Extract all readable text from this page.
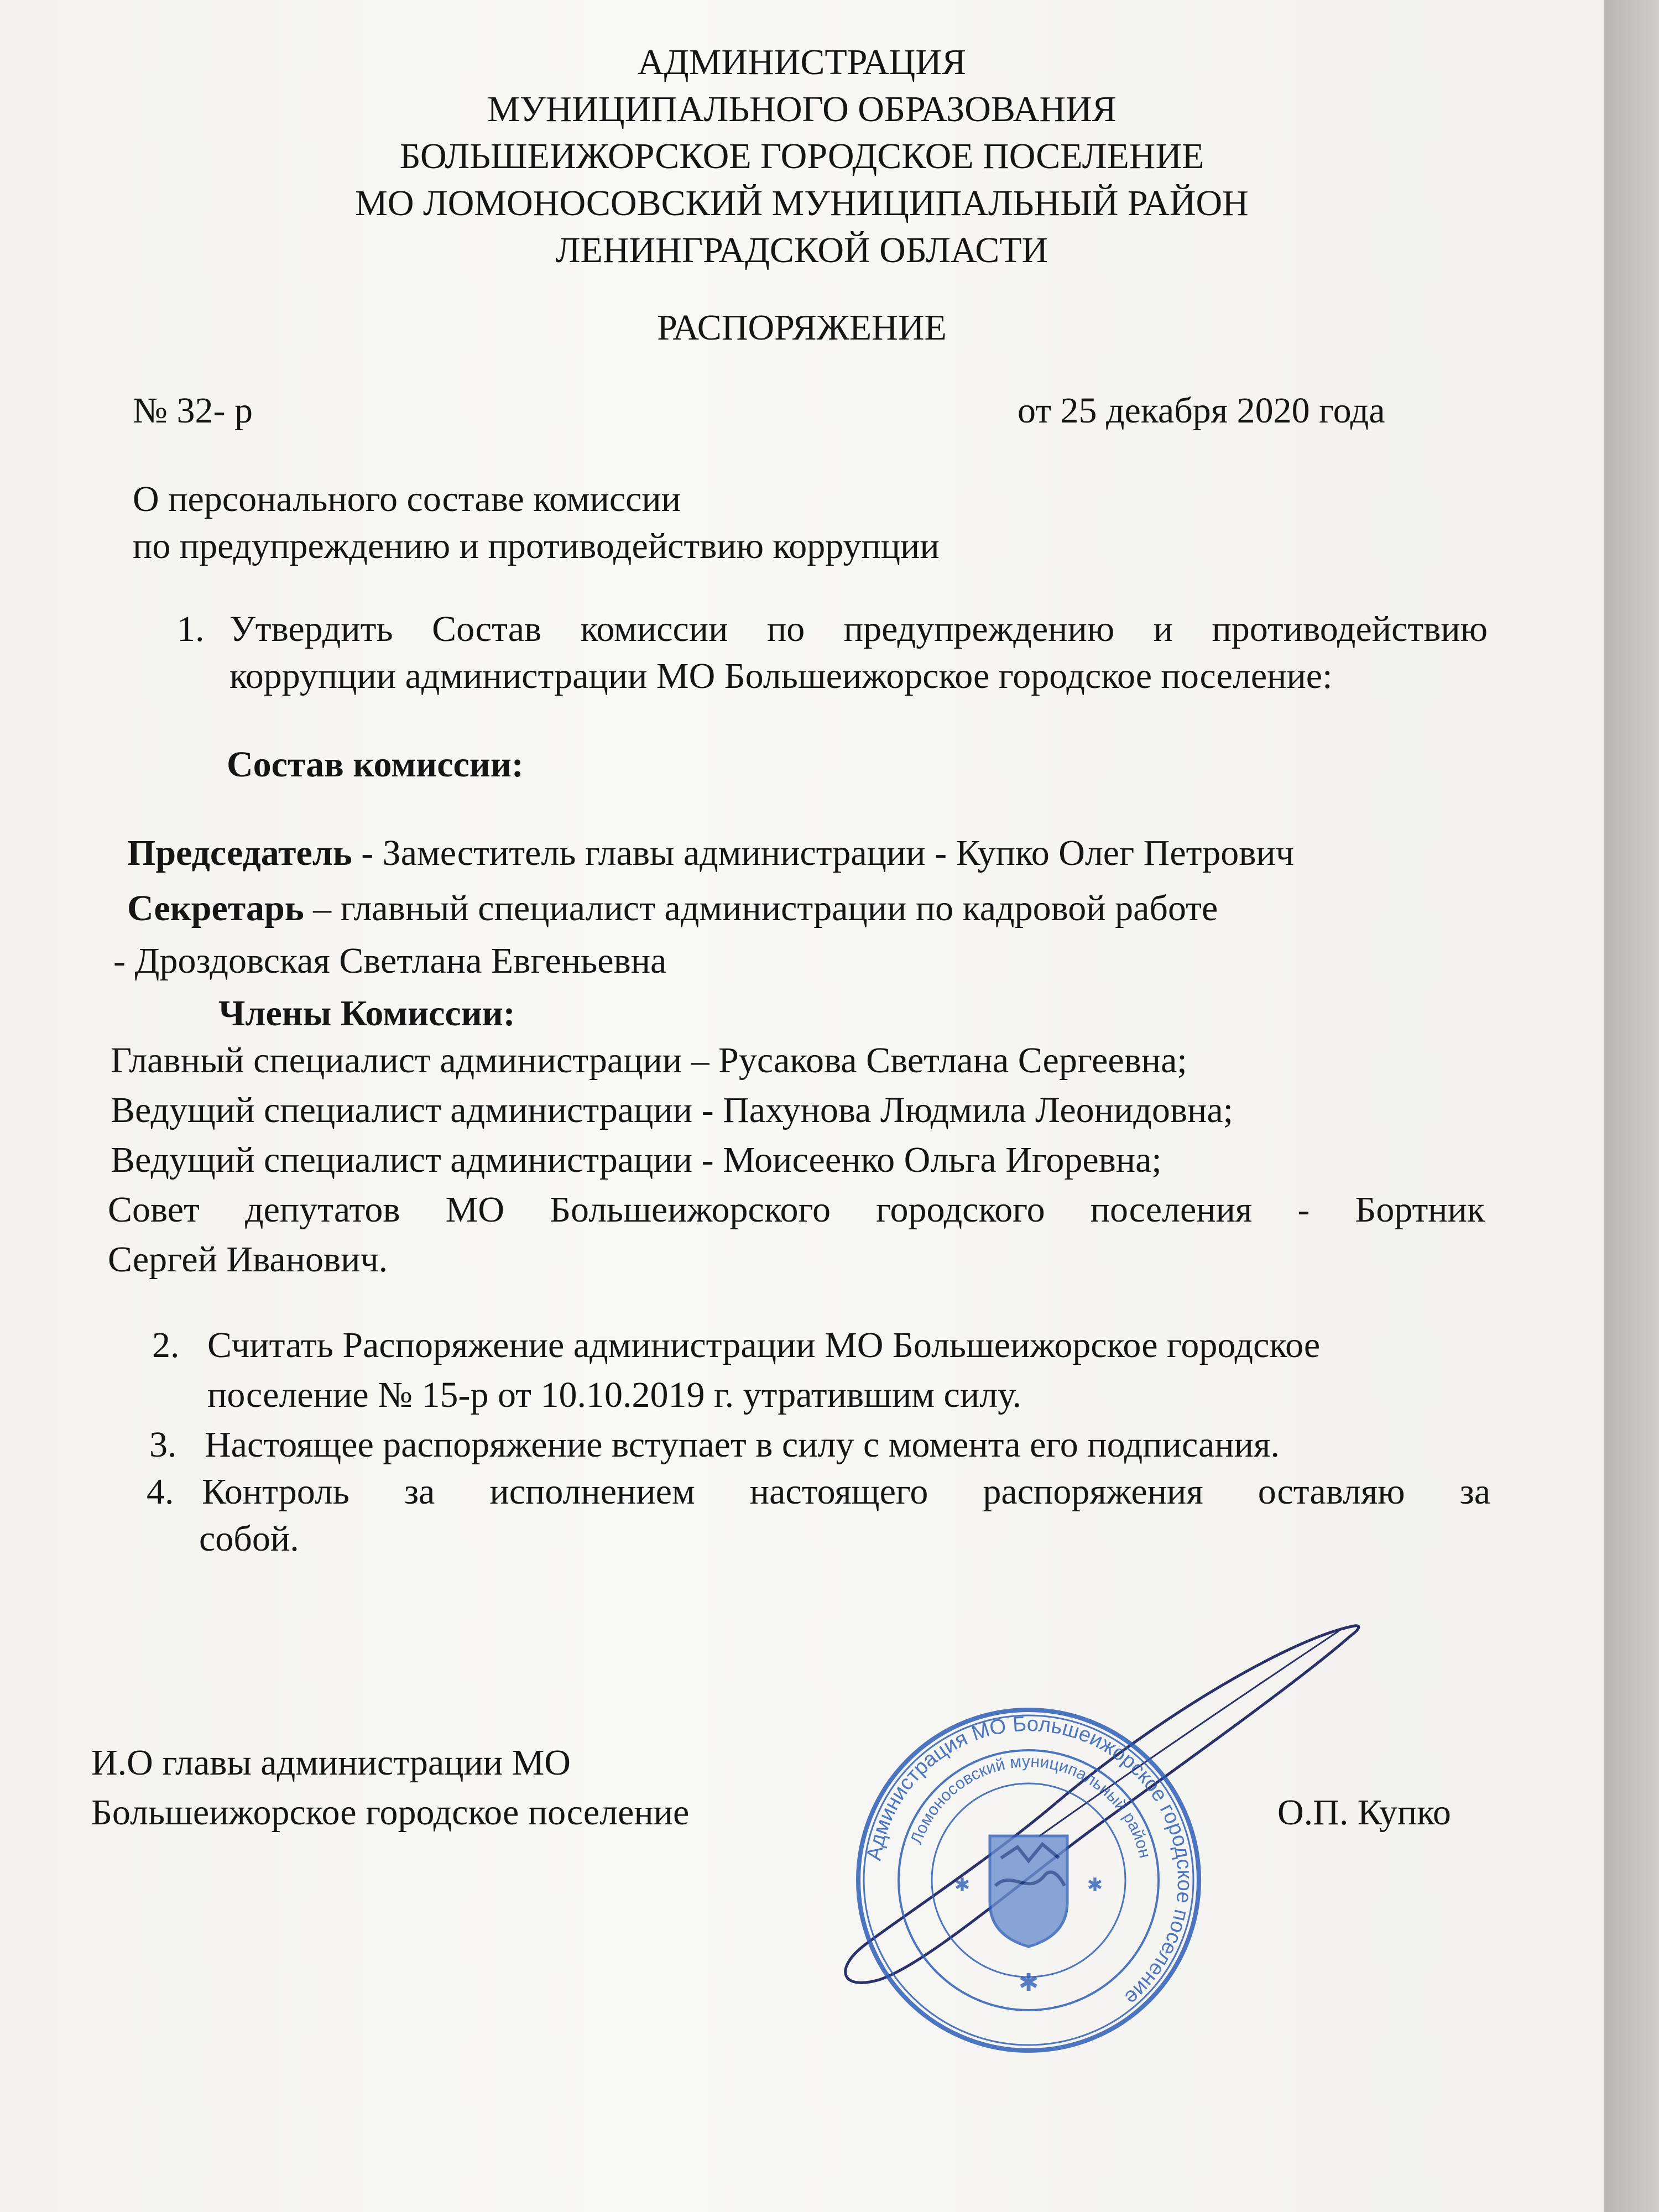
АДМИНИСТРАЦИЯ
МУНИЦИПАЛЬНОГО ОБРАЗОВАНИЯ
БОЛЬШЕИЖОРСКОЕ ГОРОДСКОЕ ПОСЕЛЕНИЕ
МО ЛОМОНОСОВСКИЙ МУНИЦИПАЛЬНЫЙ РАЙОН
ЛЕНИНГРАДСКОЙ ОБЛАСТИ
РАСПОРЯЖЕНИЕ
№ 32- р	от 25 декабря 2020 года
О персонального составе комиссии
по предупреждению и противодействию коррупции
1. Утвердить Состав комиссии по предупреждению и противодействию
коррупции администрации МО Большеижорское городское поселение:
Состав комиссии:
Председатель - Заместитель главы администрации - Купко Олег Петрович
Секретарь – главный специалист администрации по кадровой работе
- Дроздовская Светлана Евгеньевна
Члены Комиссии:
Главный специалист администрации – Русакова Светлана Сергеевна;
Ведущий специалист администрации - Пахунова Людмила Леонидовна;
Ведущий специалист администрации - Моисеенко Ольга Игоревна;
Совет депутатов МО Большеижорского городского поселения - Бортник
Сергей Иванович.
2. Считать Распоряжение администрации МО Большеижорское городское
поселение № 15-р от 10.10.2019 г. утратившим силу.
3. Настоящее распоряжение вступает в силу с момента его подписания.
4. Контроль за исполнением настоящего распоряжения оставляю за
собой.
И.О главы администрации МО
Большеижорское городское поселение	О.П. Купко
Администрация МО Большеижорское городское поселение
Ломоносовский муниципальный район
✱
✱	✱
